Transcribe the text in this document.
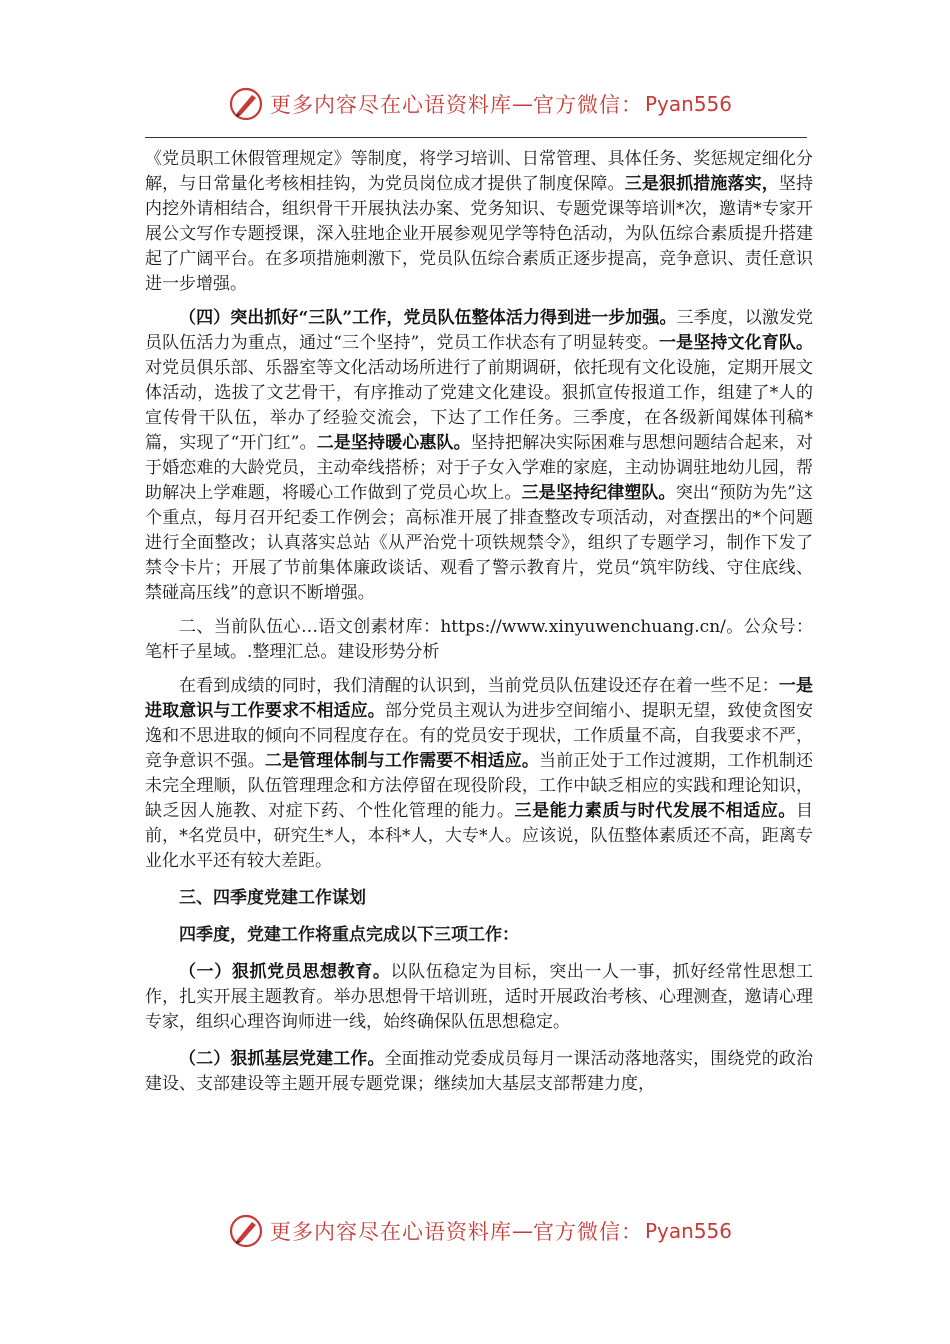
更多内容尽在心语资料库 — 官方微信： Pyan556

《党员职工休假管理规定》等制度，将学习培训、日常管理、具体任务、奖惩规定细化分解，与日常量化考核相挂钩，为党员岗位成才提供了制度保障。三是狠抓措施落实，坚持内挖外请相结合，组织骨干开展执法办案、党务知识、专题党课等培训*次，邀请*专家开展公文写作专题授课，深入驻地企业开展参观见学等特色活动，为队伍综合素质提升搭建起了广阔平台。在多项措施刺激下，党员队伍综合素质正逐步提高，竞争意识、责任意识进一步增强。

（四）突出抓好“三队”工作，党员队伍整体活力得到进一步加强。三季度，以激发党员队伍活力为重点，通过“三个坚持”，党员工作状态有了明显转变。一是坚持文化育队。对党员俱乐部、乐器室等文化活动场所进行了前期调研，依托现有文化设施，定期开展文体活动，选拔了文艺骨干，有序推动了党建文化建设。狠抓宣传报道工作，组建了*人的宣传骨干队伍，举办了经验交流会，下达了工作任务。三季度，在各级新闻媒体刊稿*篇，实现了“开门红”。二是坚持暖心惠队。坚持把解决实际困难与思想问题结合起来，对于婚恋难的大龄党员，主动牵线搭桥；对于子女入学难的家庭，主动协调驻地幼儿园，帮助解决上学难题，将暖心工作做到了党员心坎上。三是坚持纪律塑队。突出“预防为先”这个重点，每月召开纪委工作例会；高标准开展了排查整改专项活动，对查摆出的*个问题进行全面整改；认真落实总站《从严治党十项铁规禁令》，组织了专题学习，制作下发了禁令卡片；开展了节前集体廉政谈话、观看了警示教育片，党员“筑牢防线、守住底线、禁碰高压线”的意识不断增强。

二、当前队伍心…语文创素材库：https://www.xinyuwenchuang.cn/。公众号：笔杆子星域。.整理汇总。建设形势分析

在看到成绩的同时，我们清醒的认识到，当前党员队伍建设还存在着一些不足：一是进取意识与工作要求不相适应。部分党员主观认为进步空间缩小、提职无望，致使贪图安逸和不思进取的倾向不同程度存在。有的党员安于现状，工作质量不高，自我要求不严，竞争意识不强。二是管理体制与工作需要不相适应。当前正处于工作过渡期，工作机制还未完全理顺，队伍管理理念和方法停留在现役阶段，工作中缺乏相应的实践和理论知识，缺乏因人施教、对症下药、个性化管理的能力。三是能力素质与时代发展不相适应。目前，*名党员中，研究生*人，本科*人，大专*人。应该说，队伍整体素质还不高，距离专业化水平还有较大差距。

三、四季度党建工作谋划

四季度，党建工作将重点完成以下三项工作：

（一）狠抓党员思想教育。以队伍稳定为目标，突出一人一事，抓好经常性思想工作，扎实开展主题教育。举办思想骨干培训班，适时开展政治考核、心理测查，邀请心理专家，组织心理咨询师进一线，始终确保队伍思想稳定。

（二）狠抓基层党建工作。全面推动党委成员每月一课活动落地落实，围绕党的政治建设、支部建设等主题开展专题党课；继续加大基层支部帮建力度，

更多内容尽在心语资料库 — 官方微信： Pyan556
